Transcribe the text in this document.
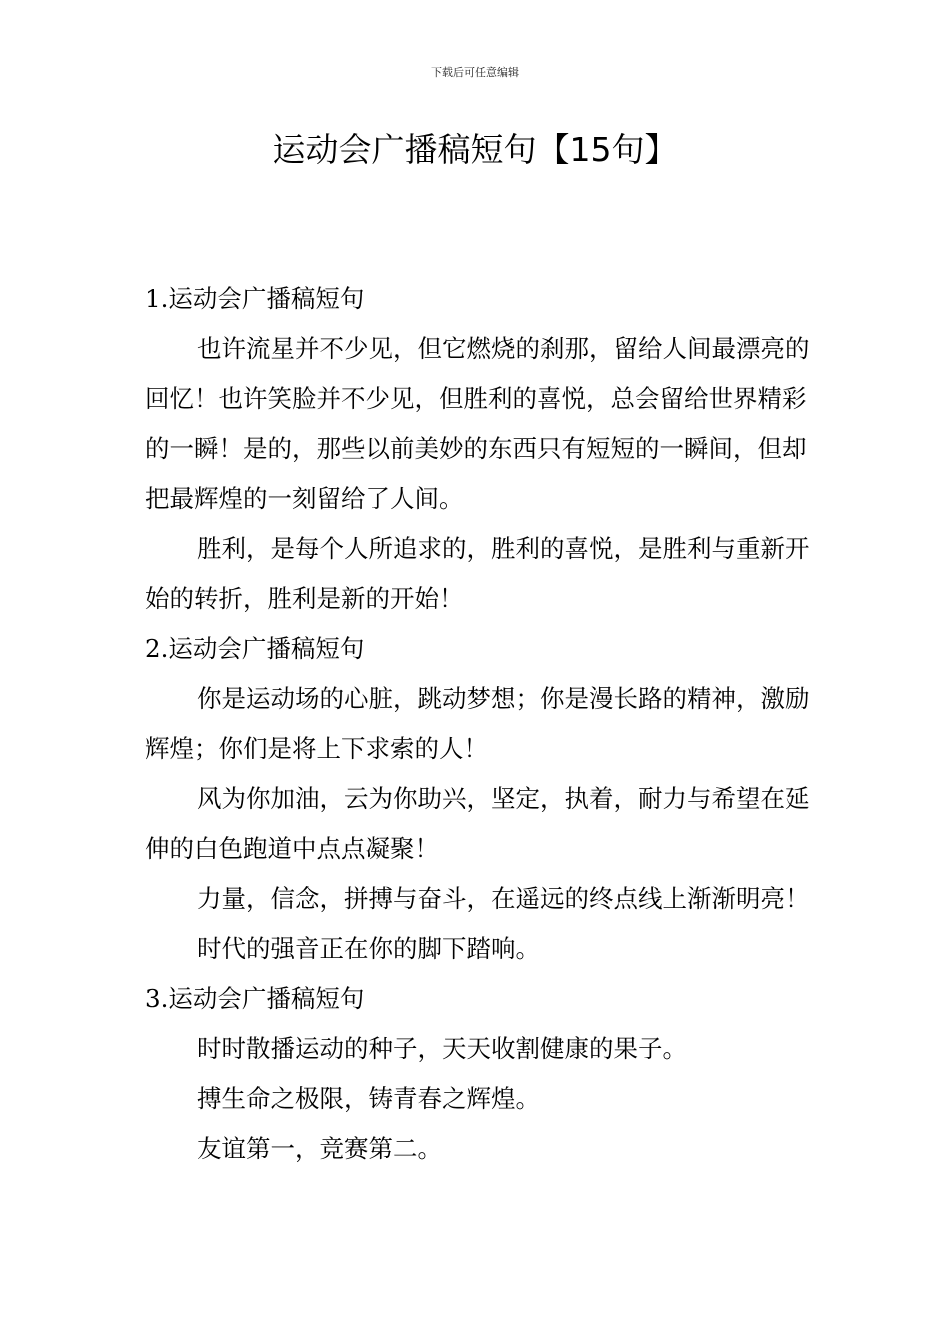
下载后可任意编辑
运动会广播稿短句【15句】

1.运动会广播稿短句

也许流星并不少见，但它燃烧的刹那，留给人间最漂亮的回忆！也许笑脸并不少见，但胜利的喜悦，总会留给世界精彩的一瞬！是的，那些以前美妙的东西只有短短的一瞬间，但却把最辉煌的一刻留给了人间。

胜利，是每个人所追求的，胜利的喜悦，是胜利与重新开始的转折，胜利是新的开始！

2.运动会广播稿短句

你是运动场的心脏，跳动梦想；你是漫长路的精神，激励辉煌；你们是将上下求索的人！

风为你加油，云为你助兴，坚定，执着，耐力与希望在延伸的白色跑道中点点凝聚！

力量，信念，拼搏与奋斗，在遥远的终点线上渐渐明亮！

时代的强音正在你的脚下踏响。

3.运动会广播稿短句

时时散播运动的种子，天天收割健康的果子。

搏生命之极限，铸青春之辉煌。

友谊第一，竞赛第二。
